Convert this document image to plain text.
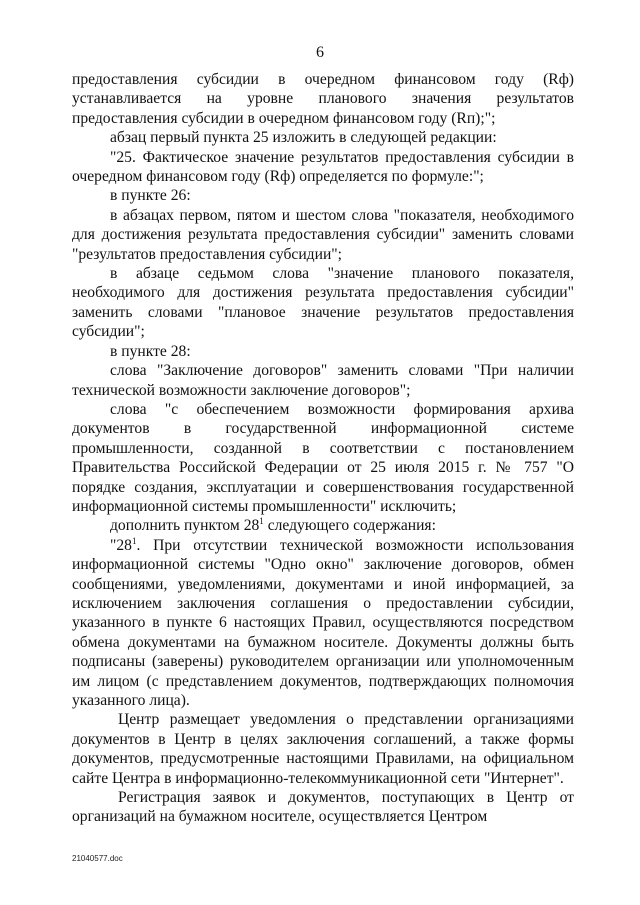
6

предоставления субсидии в очередном финансовом году (Rф) устанавливается на уровне планового значения результатов предоставления субсидии в очередном финансовом году (Rп);";

абзац первый пункта 25 изложить в следующей редакции:

"25. Фактическое значение результатов предоставления субсидии в очередном финансовом году (Rф) определяется по формуле:";

в пункте 26:

в абзацах первом, пятом и шестом слова "показателя, необходимого для достижения результата предоставления субсидии" заменить словами "результатов предоставления субсидии";

в абзаце седьмом слова "значение планового показателя, необходимого для достижения результата предоставления субсидии" заменить словами "плановое значение результатов предоставления субсидии";

в пункте 28:

слова "Заключение договоров" заменить словами "При наличии технической возможности заключение договоров";

слова "с обеспечением возможности формирования архива документов в государственной информационной системе промышленности, созданной в соответствии с постановлением Правительства Российской Федерации от 25 июля 2015 г. № 757 "О порядке создания, эксплуатации и совершенствования государственной информационной системы промышленности" исключить;

дополнить пунктом $28^1$ следующего содержания:

"$28^1$. При отсутствии технической возможности использования информационной системы "Одно окно" заключение договоров, обмен сообщениями, уведомлениями, документами и иной информацией, за исключением заключения соглашения о предоставлении субсидии, указанного в пункте 6 настоящих Правил, осуществляются посредством обмена документами на бумажном носителе. Документы должны быть подписаны (заверены) руководителем организации или уполномоченным им лицом (с представлением документов, подтверждающих полномочия указанного лица).

Центр размещает уведомления о представлении организациями документов в Центр в целях заключения соглашений, а также формы документов, предусмотренные настоящими Правилами, на официальном сайте Центра в информационно-телекоммуникационной сети "Интернет".

Регистрация заявок и документов, поступающих в Центр от организаций на бумажном носителе, осуществляется Центром

21040577.doc
